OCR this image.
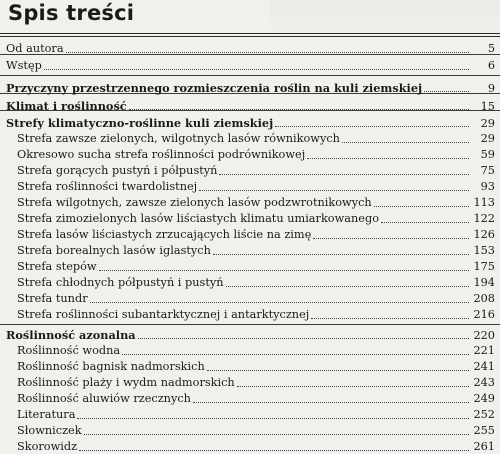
Spis treści
Od autora	5
Wstęp	6
Przyczyny przestrzennego rozmieszczenia roślin na kuli ziemskiej	9
Klimat i roślinność	15
Strefy klimatyczno-roślinne kuli ziemskiej	29
Strefa zawsze zielonych, wilgotnych lasów równikowych	29
Okresowo sucha strefa roślinności podrównikowej	59
Strefa gorących pustyń i półpustyń	75
Strefa roślinności twardolistnej	93
Strefa wilgotnych, zawsze zielonych lasów podzwrotnikowych	113
Strefa zimozielonych lasów liściastych klimatu umiarkowanego	122
Strefa lasów liściastych zrzucających liście na zimę	126
Strefa borealnych lasów iglastych	153
Strefa stepów	175
Strefa chłodnych półpustyń i pustyń	194
Strefa tundr	208
Strefa roślinności subantarktycznej i antarktycznej	216
Roślinność azonalna	220
Roślinność wodna	221
Roślinność bagnisk nadmorskich	241
Roślinność plaży i wydm nadmorskich	243
Roślinność aluwiów rzecznych	249
Literatura	252
Słowniczek	255
Skorowidz	261
